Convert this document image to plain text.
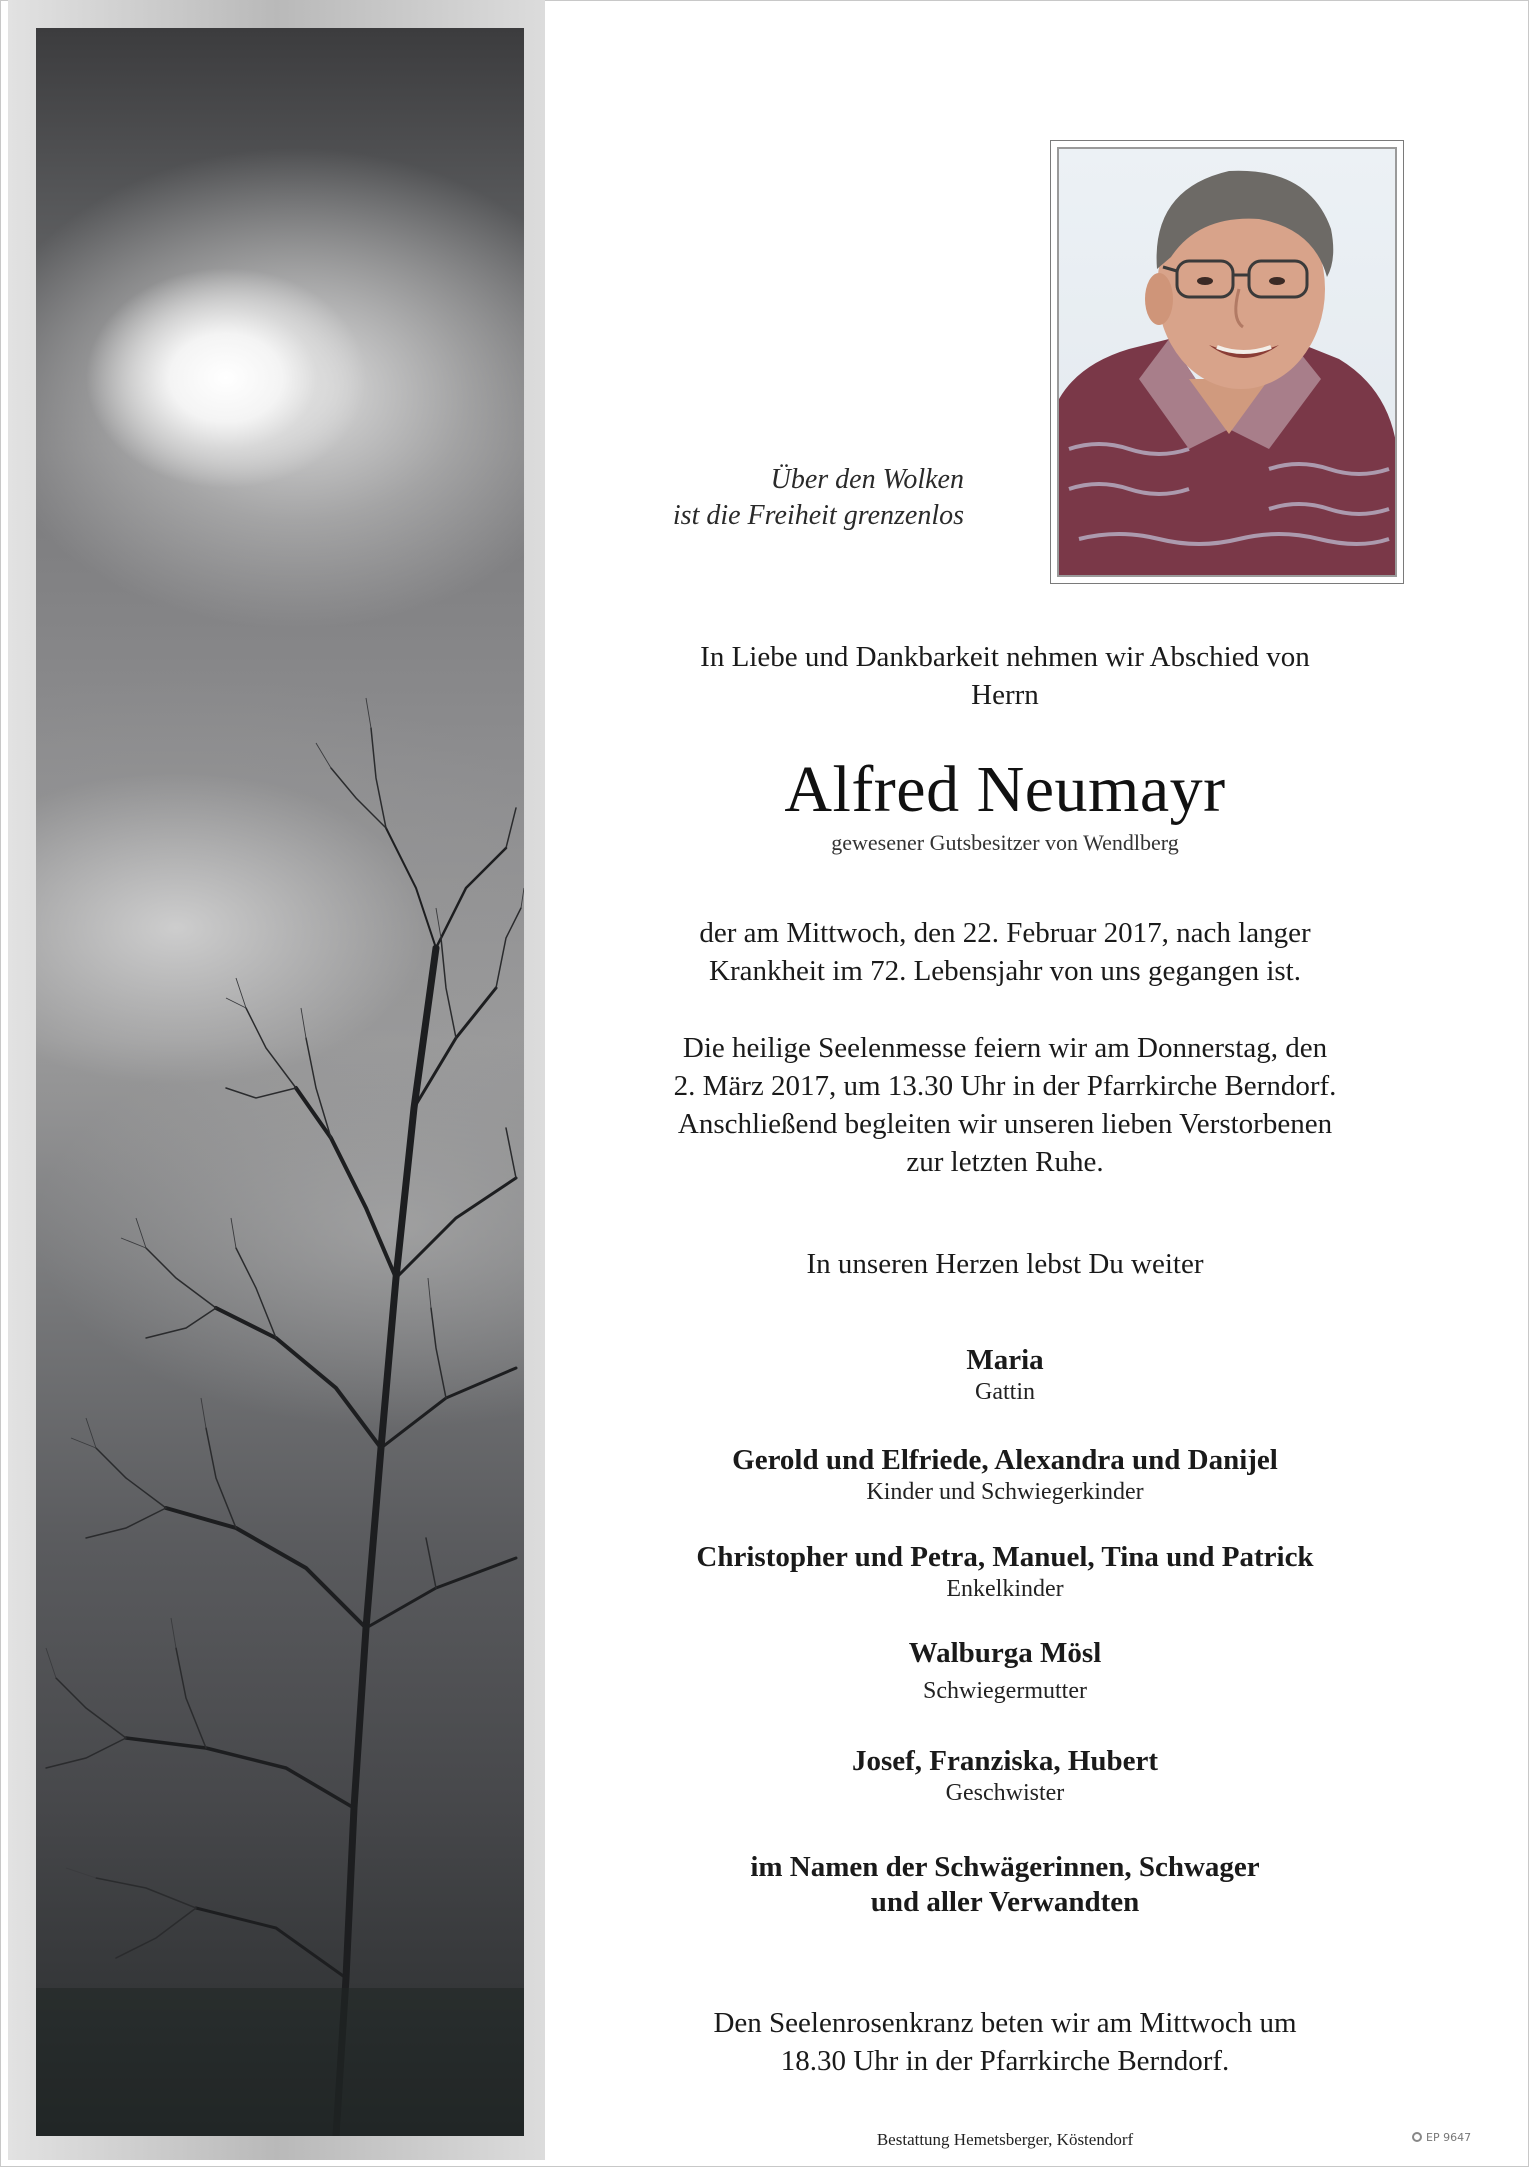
Über den Wolken
ist die Freiheit grenzenlos
In Liebe und Dankbarkeit nehmen wir Abschied von
Herrn
Alfred Neumayr
gewesener Gutsbesitzer von Wendlberg
der am Mittwoch, den 22. Februar 2017, nach langer
Krankheit im 72. Lebensjahr von uns gegangen ist.
Die heilige Seelenmesse feiern wir am Donnerstag, den
2. März 2017, um 13.30 Uhr in der Pfarrkirche Berndorf.
Anschließend begleiten wir unseren lieben Verstorbenen
zur letzten Ruhe.
In unseren Herzen lebst Du weiter
Maria
Gattin
Gerold und Elfriede, Alexandra und Danijel
Kinder und Schwiegerkinder
Christopher und Petra, Manuel, Tina und Patrick
Enkelkinder
Walburga Mösl
Schwiegermutter
Josef, Franziska, Hubert
Geschwister
im Namen der Schwägerinnen, Schwager
und aller Verwandten
Den Seelenrosenkranz beten wir am Mittwoch um
18.30 Uhr in der Pfarrkirche Berndorf.
Bestattung Hemetsberger, Köstendorf	EP 9647
